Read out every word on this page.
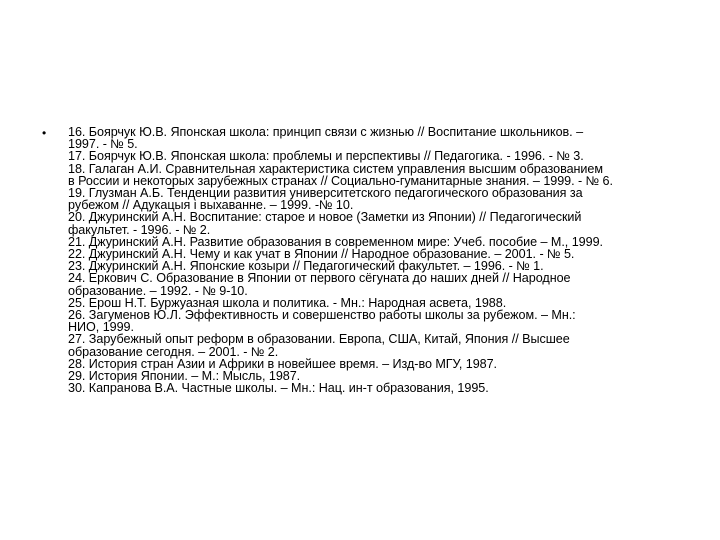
•	16. Боярчук Ю.В. Японская школа: принцип связи с жизнью // Воспитание школьников. –
1997. - № 5.
17. Боярчук Ю.В. Японская школа: проблемы и перспективы // Педагогика. - 1996. - № 3.
18. Галаган А.И. Сравнительная характеристика систем управления высшим образованием
в России и некоторых зарубежных странах // Социально-гуманитарные знания. – 1999. - № 6.
19. Глузман А.Б. Тенденции развития университетского педагогического образования за
рубежом // Адукацыя і выхаванне. – 1999. -№ 10.
20. Джуринский А.Н. Воспитание: старое и новое (Заметки из Японии) // Педагогический
факультет. - 1996. - № 2.
21. Джуринский А.Н. Развитие образования в современном мире: Учеб. пособие – М., 1999.
22. Джуринский А.Н. Чему и как учат в Японии // Народное образование. – 2001. - № 5.
23. Джуринский А.Н. Японские козыри // Педагогический факультет. – 1996. - № 1.
24. Еркович С. Образование в Японии от первого сёгуната до наших дней // Народное
образование. – 1992. - № 9-10.
25. Ерош Н.Т. Буржуазная школа и политика. - Мн.: Народная асвета, 1988.
26. Загуменов Ю.Л. Эффективность и совершенство работы школы за рубежом. – Мн.:
НИО, 1999.
27. Зарубежный опыт реформ в образовании. Европа, США, Китай, Япония // Высшее
образование сегодня. – 2001. - № 2.
28. История стран Азии и Африки в новейшее время. – Изд-во МГУ, 1987.
29. История Японии. – М.: Мысль, 1987.
30. Капранова В.А. Частные школы. – Мн.: Нац. ин-т образования, 1995.
